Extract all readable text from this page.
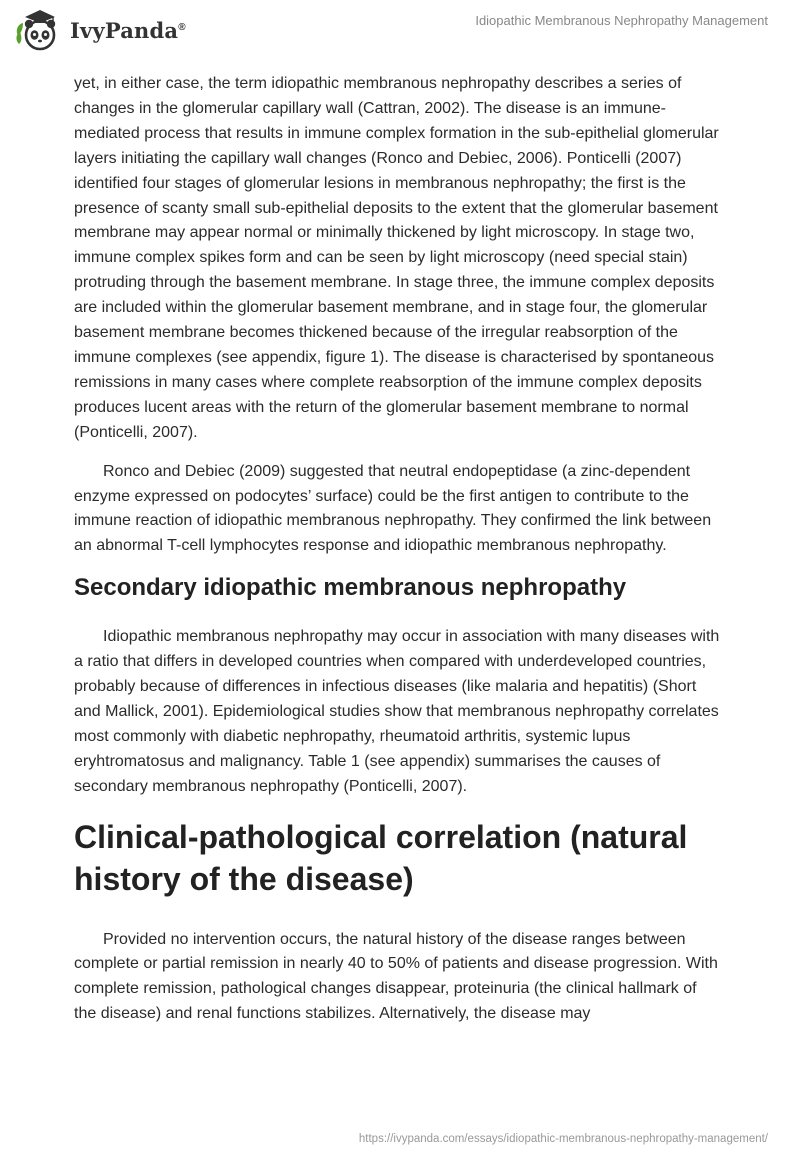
IvyPanda®	Idiopathic Membranous Nephropathy Management

yet, in either case, the term idiopathic membranous nephropathy describes a series of changes in the glomerular capillary wall (Cattran, 2002). The disease is an immune-mediated process that results in immune complex formation in the sub-epithelial glomerular layers initiating the capillary wall changes (Ronco and Debiec, 2006). Ponticelli (2007) identified four stages of glomerular lesions in membranous nephropathy; the first is the presence of scanty small sub-epithelial deposits to the extent that the glomerular basement membrane may appear normal or minimally thickened by light microscopy. In stage two, immune complex spikes form and can be seen by light microscopy (need special stain) protruding through the basement membrane. In stage three, the immune complex deposits are included within the glomerular basement membrane, and in stage four, the glomerular basement membrane becomes thickened because of the irregular reabsorption of the immune complexes (see appendix, figure 1). The disease is characterised by spontaneous remissions in many cases where complete reabsorption of the immune complex deposits produces lucent areas with the return of the glomerular basement membrane to normal (Ponticelli, 2007).

Ronco and Debiec (2009) suggested that neutral endopeptidase (a zinc-dependent enzyme expressed on podocytes’ surface) could be the first antigen to contribute to the immune reaction of idiopathic membranous nephropathy. They confirmed the link between an abnormal T-cell lymphocytes response and idiopathic membranous nephropathy.

Secondary idiopathic membranous nephropathy

Idiopathic membranous nephropathy may occur in association with many diseases with a ratio that differs in developed countries when compared with underdeveloped countries, probably because of differences in infectious diseases (like malaria and hepatitis) (Short and Mallick, 2001). Epidemiological studies show that membranous nephropathy correlates most commonly with diabetic nephropathy, rheumatoid arthritis, systemic lupus eryhtromatosus and malignancy. Table 1 (see appendix) summarises the causes of secondary membranous nephropathy (Ponticelli, 2007).

Clinical-pathological correlation (natural history of the disease)

Provided no intervention occurs, the natural history of the disease ranges between complete or partial remission in nearly 40 to 50% of patients and disease progression. With complete remission, pathological changes disappear, proteinuria (the clinical hallmark of the disease) and renal functions stabilizes. Alternatively, the disease may

https://ivypanda.com/essays/idiopathic-membranous-nephropathy-management/
